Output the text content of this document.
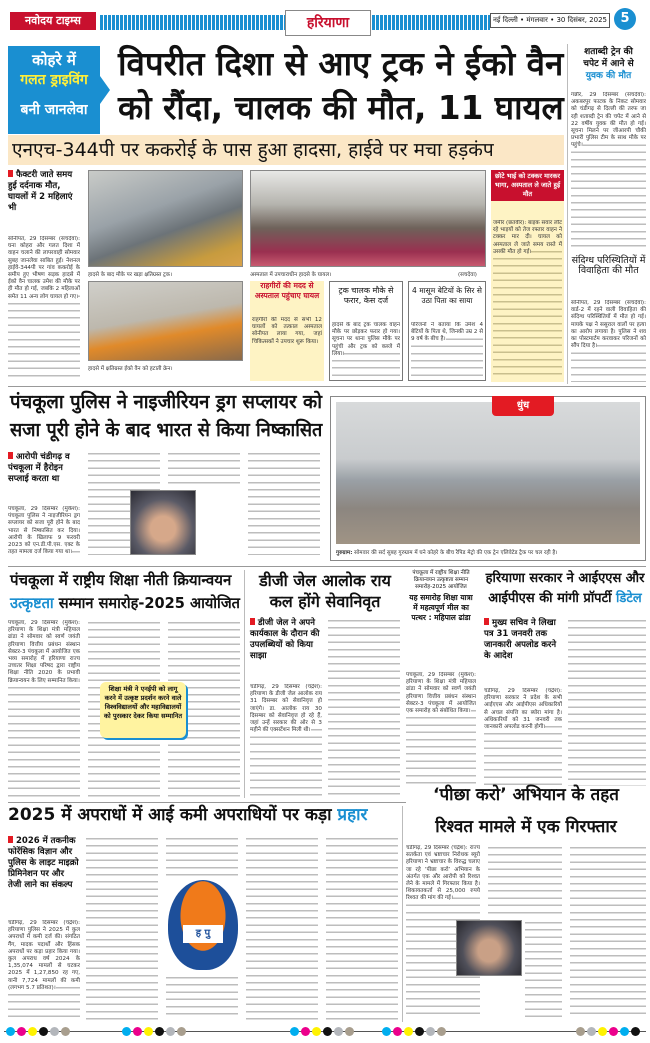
नवोदय टाइम्स	हरियाणा	नई दिल्ली • मंगलवार • 30 दिसंबर, 2025	5
कोहरे में
गलत ड्राइविंग
बनी जानलेवा
विपरीत दिशा से आए ट्रक ने ईको वैन
को रौंदा, चालक की मौत, 11 घायल
एनएच-344पी पर ककरोई के पास हुआ हादसा, हाईवे पर मचा हड़कंप
फैक्टरी जाते समय हुई दर्दनाक मौत, घायलों में 2 महिलाएं भी
सोनीपत, 29 दिसम्बर (सचदेवा): घना कोहरा और गलत दिशा में वाहन चलाने की लापरवाही सोमवार सुबह जानलेवा साबित हुई। नेशनल हाईवे-344पी पर गांव ककरोई के समीप हुए भीषण सड़क हादसे में ईको वैन चालक उमेश की मौके पर ही मौत हो गई, जबकि 2 महिलाओं समेत 11 अन्य लोग घायल हो गए।
हादसे के बाद मौके पर खड़ा क्षतिग्रस्त ट्रक।
हादसे में क्षतिग्रस्त ईको वैन को हटाती क्रेन।
अस्पताल में उपचाराधीन हादसे के घायल।	(सचदेवा)
राहगीरों की मदद से अस्पताल पहुंचाए घायल
राहगीरों की मदद से सभी 12 घायलों को तत्काल अस्पताल सोनीपत लाया गया, जहां चिकित्सकों ने उपचार शुरू किया।
ट्रक चालक मौके से फरार, केस दर्ज
हादसे के बाद ट्रक चालक वाहन मौके पर छोड़कर फरार हो गया। सूचना पर थाना पुलिस मौके पर पहुंची और ट्रक को कब्जे में लिया।
4 मासूम बेटियों के सिर से उठा पिता का साया
परिजनों ने बताया कि उमेश 4 बेटियों के पिता थे, जिनकी उम्र 2 से 9 वर्ष के बीच है।
छोटे भाई को टक्कर मारकर भागा, अस्पताल ले जाते हुई मौत
जमीर (छतवीर): बाइक सवार लौट रहे भाइयों को तेज रफ्तार वाहन ने टक्कर मार दी। घायल को अस्पताल ले जाते समय रास्ते में उसकी मौत हो गई।
शताब्दी ट्रेन की
चपेट में आने से
युवक की मौत
गन्नौर, 29 दिसम्बर (सचदेवा): अकबरपुर फाटक के निकट सोमवार को चंडीगढ़ से दिल्ली की तरफ जा रही शताब्दी ट्रेन की चपेट में आने से 22 वर्षीय युवक की मौत हो गई। सूचना मिलने पर जीआरपी चौकी प्रभारी पुलिस टीम के साथ मौके पर पहुंचे।
संदिग्ध परिस्थितियों में विवाहिता की मौत
सोनीपत, 29 दिसम्बर (सचदेवा): वार्ड-2 में रहने वाली विवाहिता की संदिग्ध परिस्थितियों में मौत हो गई। मायके पक्ष ने ससुराल वालों पर हत्या का आरोप लगाया है। पुलिस ने शव का पोस्टमार्टम करवाकर परिजनों को सौंप दिया है।
पंचकूला पुलिस ने नाइजीरियन ड्रग सप्लायर को
सजा पूरी होने के बाद भारत से किया निष्कासित
आरोपी चंडीगढ़ व पंचकूला में हैरोइन सप्लाई करता था
पंचकूला, 29 दिसम्बर (मुकेश): पंचकूला पुलिस ने नाइजीरियन ड्रग सप्लायर को सजा पूरी होने के बाद भारत से निष्कासित कर दिया। आरोपी के खिलाफ 9 फरवरी 2023 को एन.डी.पी.एस. एक्ट के तहत मामला दर्ज किया गया था।
धुंध
गुरुग्राम: सोमवार की सर्द सुबह गुरुग्राम में घने कोहरे के बीच रैपिड मेट्रो की एक ट्रेन एलिवेटेड ट्रैक पर चल रही है।
पंचकूला में राष्ट्रीय शिक्षा नीती क्रियान्वयन
उत्कृष्टता सम्मान समारोह-2025 आयोजित
पंचकूला, 29 दिसम्बर (मुकेश): हरियाणा के शिक्षा मंत्री महिपाल ढांडा ने सोमवार को स्वर्ण जयंती हरियाणा वित्तीय प्रबंधन संस्थान सेक्टर-3 पंचकूला में आयोजित एक भव्य समारोह में हरियाणा राज्य उच्चतर शिक्षा परिषद द्वारा राष्ट्रीय शिक्षा नीति 2020 के प्रभावी क्रियान्वयन के लिए सम्मानित किया।
शिक्षा मंत्री ने एनईपी को लागू करने में उत्कृष्ट प्रदर्शन करने वाले विश्वविद्यालयों और महाविद्यालयों को पुरस्कार देकर किया सम्मानित
डीजी जेल आलोक राय
कल होंगे सेवानिवृत
डीजी जेल ने अपने कार्यकाल के दौरान की उपलब्धियों को किया साझा
चंडीगढ़, 29 दिसम्बर (चंद्रेश): हरियाणा के डीजी जेल आलोक राय 31 दिसम्बर को सेवानिवृत्त हो जाएंगे। डा. आलोक राय 30 दिसम्बर को सेवानिवृत्त हो रहे हैं, जहां उन्हें सरकार की ओर से 3 महीने की एक्सटेंशन मिली थी।
पंचकूला में राष्ट्रीय शिक्षा नीति क्रियान्वयन उत्कृष्टता सम्मान समारोह-2025 आयोजित
यह समारोह शिक्षा यात्रा में महत्वपूर्ण मील का पत्थर : महिपाल ढांडा
पंचकूला, 29 दिसम्बर (मुकेश): हरियाणा के शिक्षा मंत्री महिपाल ढांडा ने सोमवार को स्वर्ण जयंती हरियाणा वित्तीय प्रबंधन संस्थान सेक्टर-3 पंचकूला में आयोजित एक समारोह को संबोधित किया।
हरियाणा सरकार ने आईएएस और
आईपीएस की मांगी प्रॉपर्टी डिटेल
मुख्य सचिव ने लिखा पत्र 31 जनवरी तक जानकारी अपलोड करने के आदेश
चंडीगढ़, 29 दिसम्बर (चंद्रेश): हरियाणा सरकार ने प्रदेश के सभी आईएएस और आईपीएस अधिकारियों से अचल संपत्ति का ब्योरा मांगा है। अधिकारियों को 31 जनवरी तक जानकारी अपलोड करनी होगी।
2025 में अपराधों में आई कमी अपराधियों पर कड़ा प्रहार
2026 में तकनीक फोरेंसिक विज्ञान और पुलिस के लाइट माइक्रो प्रिमिनेशन पर और तेजी लाने का संकल्प
चंडीगढ़, 29 दिसम्बर (चंद्रेश): हरियाणा पुलिस ने 2025 में कुल अपराधों में कमी दर्ज की। संगठित गैंग, मादक पदार्थों और हिंसक अपराधों पर कड़ा प्रहार किया गया। कुल अपराध वर्ष 2024 के 1,35,074 मामलों से घटकर 2025 में 1,27,850 रह गए, यानी 7,724 मामलों की कमी (लगभग 5.7 प्रतिशत)।
ह पु
‘पीछा करो’ अभियान के तहत
रिश्वत मामले में एक गिरफ्तार
चंडीगढ़, 29 दिसम्बर (चंद्रेश): राज्य सतर्कता एवं भ्रष्टाचार निरोधक ब्यूरो हरियाणा ने भ्रष्टाचार के विरुद्ध चलाए जा रहे ‘पीछा करो’ अभियान के अंतर्गत एक और आरोपी को रिश्वत लेने के मामले में गिरफ्तार किया है। शिकायतकर्ता से 25,000 रुपये रिश्वत की मांग की गई।
